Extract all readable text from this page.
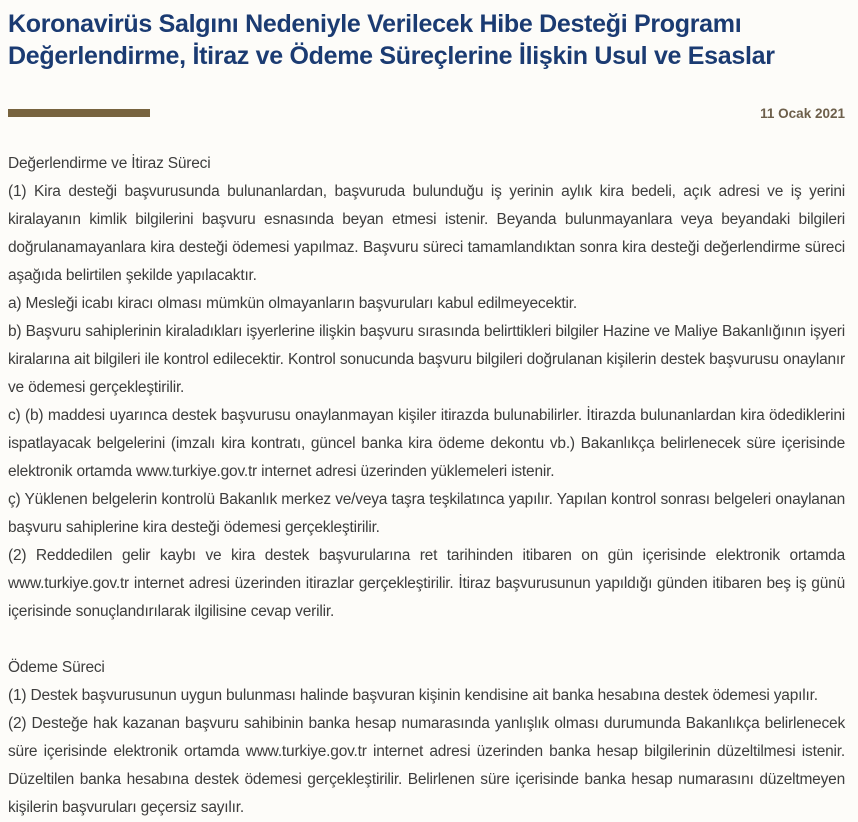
Koronavirüs Salgını Nedeniyle Verilecek Hibe Desteği Programı
Değerlendirme, İtiraz ve Ödeme Süreçlerine İlişkin Usul ve Esaslar
11 Ocak 2021

Değerlendirme ve İtiraz Süreci

(1) Kira desteği başvurusunda bulunanlardan, başvuruda bulunduğu iş yerinin aylık kira bedeli, açık adresi ve iş yerini kiralayanın kimlik bilgilerini başvuru esnasında beyan etmesi istenir. Beyanda bulunmayanlara veya beyandaki bilgileri doğrulanamayanlara kira desteği ödemesi yapılmaz. Başvuru süreci tamamlandıktan sonra kira desteği değerlendirme süreci aşağıda belirtilen şekilde yapılacaktır.

a) Mesleği icabı kiracı olması mümkün olmayanların başvuruları kabul edilmeyecektir.

b) Başvuru sahiplerinin kiraladıkları işyerlerine ilişkin başvuru sırasında belirttikleri bilgiler Hazine ve Maliye Bakanlığının işyeri kiralarına ait bilgileri ile kontrol edilecektir. Kontrol sonucunda başvuru bilgileri doğrulanan kişilerin destek başvurusu onaylanır ve ödemesi gerçekleştirilir.

c) (b) maddesi uyarınca destek başvurusu onaylanmayan kişiler itirazda bulunabilirler. İtirazda bulunanlardan kira ödediklerini ispatlayacak belgelerini (imzalı kira kontratı, güncel banka kira ödeme dekontu vb.) Bakanlıkça belirlenecek süre içerisinde elektronik ortamda www.turkiye.gov.tr internet adresi üzerinden yüklemeleri istenir.

ç) Yüklenen belgelerin kontrolü Bakanlık merkez ve/veya taşra teşkilatınca yapılır. Yapılan kontrol sonrası belgeleri onaylanan başvuru sahiplerine kira desteği ödemesi gerçekleştirilir.

(2) Reddedilen gelir kaybı ve kira destek başvurularına ret tarihinden itibaren on gün içerisinde elektronik ortamda www.turkiye.gov.tr internet adresi üzerinden itirazlar gerçekleştirilir. İtiraz başvurusunun yapıldığı günden itibaren beş iş günü içerisinde sonuçlandırılarak ilgilisine cevap verilir.

Ödeme Süreci

(1) Destek başvurusunun uygun bulunması halinde başvuran kişinin kendisine ait banka hesabına destek ödemesi yapılır.

(2) Desteğe hak kazanan başvuru sahibinin banka hesap numarasında yanlışlık olması durumunda Bakanlıkça belirlenecek süre içerisinde elektronik ortamda www.turkiye.gov.tr internet adresi üzerinden banka hesap bilgilerinin düzeltilmesi istenir. Düzeltilen banka hesabına destek ödemesi gerçekleştirilir. Belirlenen süre içerisinde banka hesap numarasını düzeltmeyen kişilerin başvuruları geçersiz sayılır.
